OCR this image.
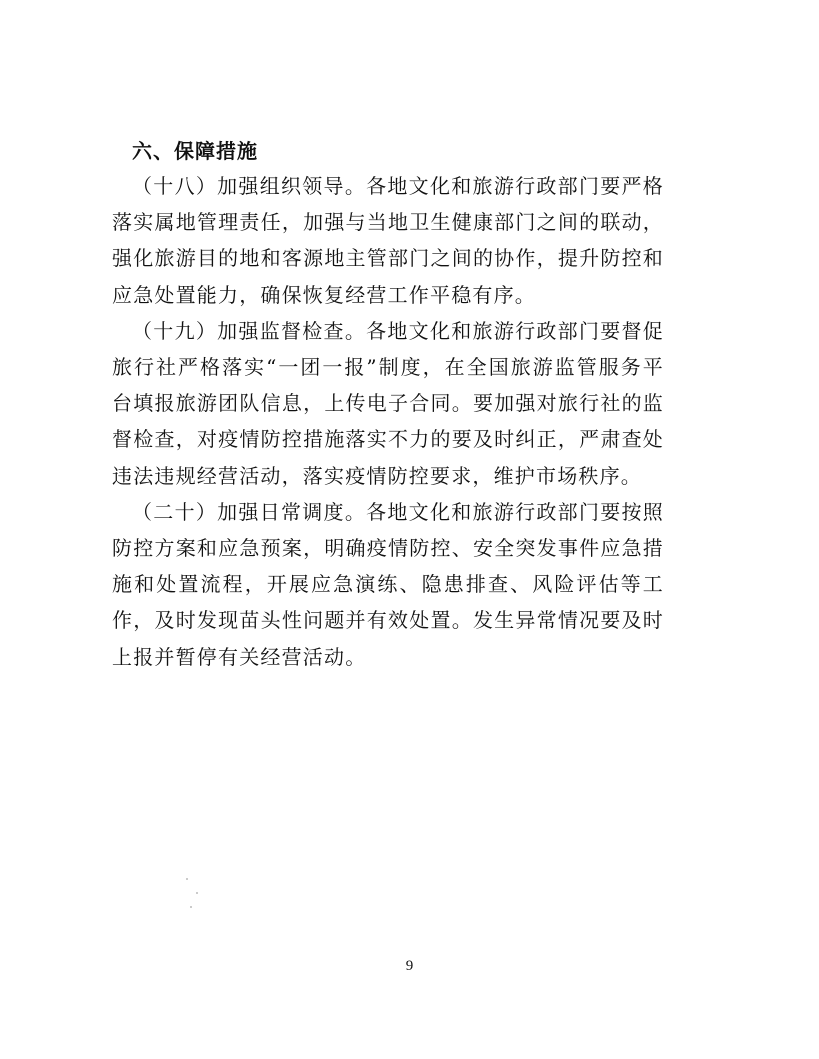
六、保障措施

（十八）加强组织领导。各地文化和旅游行政部门要严格落实属地管理责任，加强与当地卫生健康部门之间的联动，强化旅游目的地和客源地主管部门之间的协作，提升防控和应急处置能力，确保恢复经营工作平稳有序。

（十九）加强监督检查。各地文化和旅游行政部门要督促旅行社严格落实“一团一报”制度，在全国旅游监管服务平台填报旅游团队信息，上传电子合同。要加强对旅行社的监督检查，对疫情防控措施落实不力的要及时纠正，严肃查处违法违规经营活动，落实疫情防控要求，维护市场秩序。

（二十）加强日常调度。各地文化和旅游行政部门要按照防控方案和应急预案，明确疫情防控、安全突发事件应急措施和处置流程，开展应急演练、隐患排查、风险评估等工作，及时发现苗头性问题并有效处置。发生异常情况要及时上报并暂停有关经营活动。

9
